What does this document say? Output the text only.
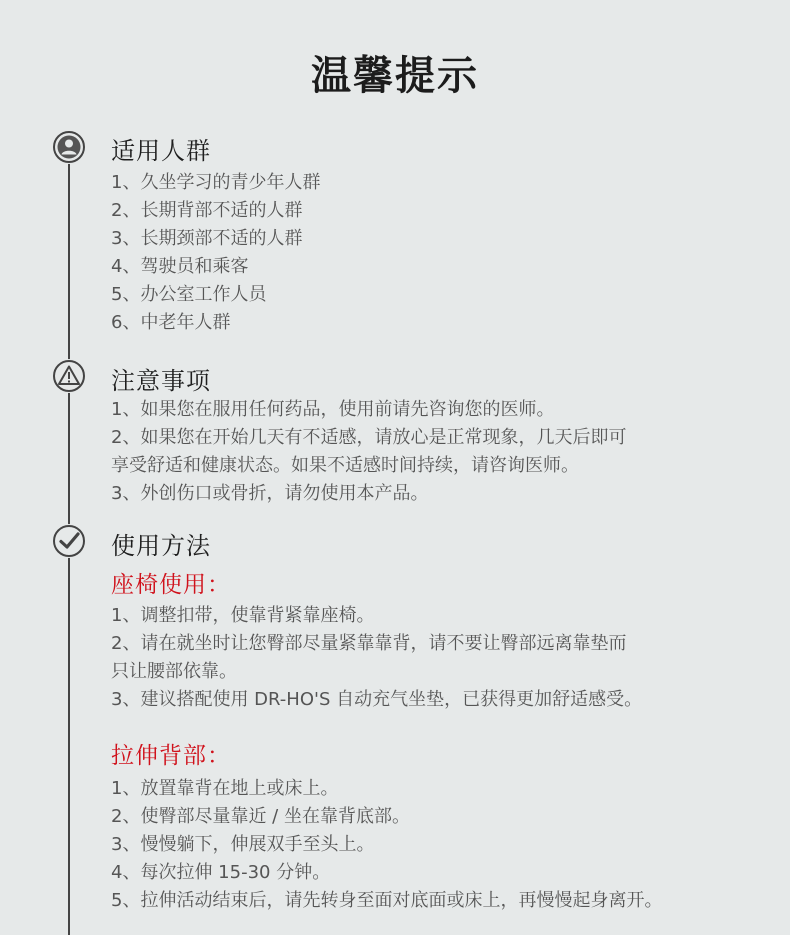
温馨提示
适用人群
1、久坐学习的青少年人群
2、长期背部不适的人群
3、长期颈部不适的人群
4、驾驶员和乘客
5、办公室工作人员
6、中老年人群
注意事项
1、如果您在服用任何药品，使用前请先咨询您的医师。
2、如果您在开始几天有不适感，请放心是正常现象，几天后即可
享受舒适和健康状态。如果不适感时间持续，请咨询医师。
3、外创伤口或骨折，请勿使用本产品。
使用方法
座椅使用：
1、调整扣带，使靠背紧靠座椅。
2、请在就坐时让您臀部尽量紧靠靠背，请不要让臀部远离靠垫而
只让腰部依靠。
3、建议搭配使用 DR-HO'S 自动充气坐垫，已获得更加舒适感受。
拉伸背部：
1、放置靠背在地上或床上。
2、使臀部尽量靠近 / 坐在靠背底部。
3、慢慢躺下，伸展双手至头上。
4、每次拉伸 15-30 分钟。
5、拉伸活动结束后，请先转身至面对底面或床上，再慢慢起身离开。
